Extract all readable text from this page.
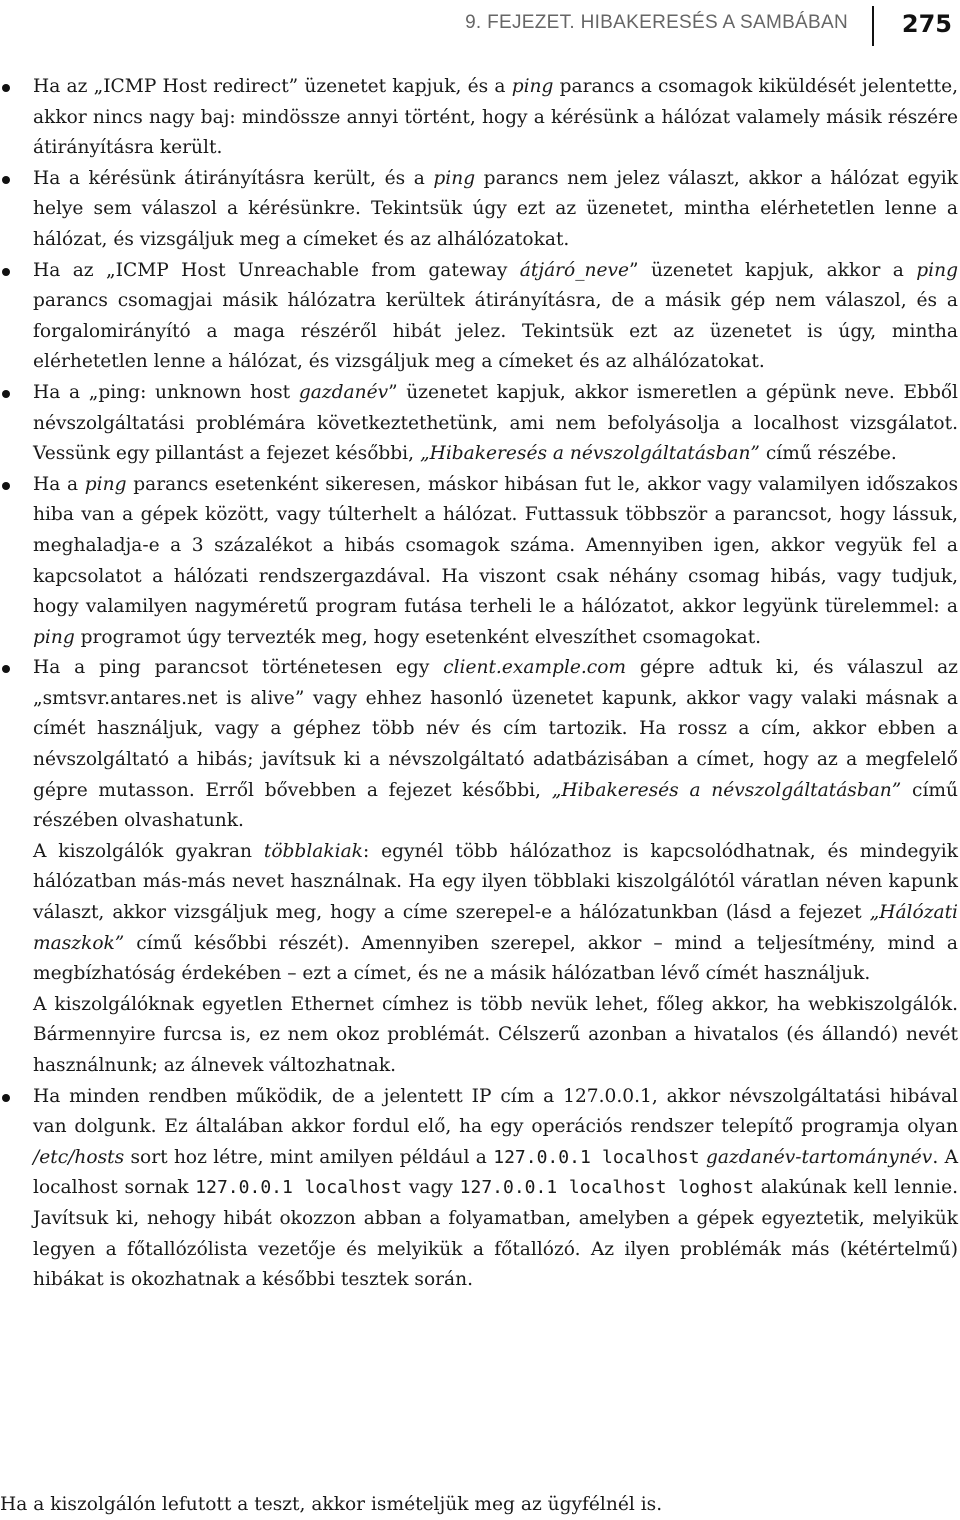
9. FEJEZET. HIBAKERESÉS A SAMBÁBAN 275

Ha az „ICMP Host redirect” üzenetet kapjuk, és a ping parancs a csomagok kiküldését jelentette, akkor nincs nagy baj: mindössze annyi történt, hogy a kérésünk a hálózat valamely másik részére átirányításra került.

Ha a kérésünk átirányításra került, és a ping parancs nem jelez választ, akkor a hálózat egyik helye sem válaszol a kérésünkre. Tekintsük úgy ezt az üzenetet, mintha elérhetetlen lenne a hálózat, és vizsgáljuk meg a címeket és az alhálózatokat.

Ha az „ICMP Host Unreachable from gateway átjáró_neve” üzenetet kapjuk, akkor a ping parancs csomagjai másik hálózatra kerültek átirányításra, de a másik gép nem válaszol, és a forgalomirányító a maga részéről hibát jelez. Tekintsük ezt az üzenetet is úgy, mintha elérhetetlen lenne a hálózat, és vizsgáljuk meg a címeket és az alhálózatokat.

Ha a „ping: unknown host gazdanév” üzenetet kapjuk, akkor ismeretlen a gépünk neve. Ebből névszolgáltatási problémára következtethetünk, ami nem befolyásolja a localhost vizsgálatot. Vessünk egy pillantást a fejezet későbbi, „Hibakeresés a névszolgáltatásban” című részébe.

Ha a ping parancs esetenként sikeresen, máskor hibásan fut le, akkor vagy valamilyen időszakos hiba van a gépek között, vagy túlterhelt a hálózat. Futtassuk többször a parancsot, hogy lássuk, meghaladja-e a 3 százalékot a hibás csomagok száma. Amennyiben igen, akkor vegyük fel a kapcsolatot a hálózati rendszergazdával. Ha viszont csak néhány csomag hibás, vagy tudjuk, hogy valamilyen nagyméretű program futása terheli le a hálózatot, akkor legyünk türelemmel: a ping programot úgy tervezték meg, hogy esetenként elveszíthet csomagokat.

Ha a ping parancsot történetesen egy client.example.com gépre adtuk ki, és válaszul az „smtsvr.antares.net is alive” vagy ehhez hasonló üzenetet kapunk, akkor vagy valaki másnak a címét használjuk, vagy a géphez több név és cím tartozik. Ha rossz a cím, akkor ebben a névszolgáltató a hibás; javítsuk ki a névszolgáltató adatbázisában a címet, hogy az a megfelelő gépre mutasson. Erről bővebben a fejezet későbbi, „Hibakeresés a névszolgáltatásban” című részében olvashatunk.

A kiszolgálók gyakran többlakiak: egynél több hálózathoz is kapcsolódhatnak, és mindegyik hálózatban más-más nevet használnak. Ha egy ilyen többlaki kiszolgálótól váratlan néven kapunk választ, akkor vizsgáljuk meg, hogy a címe szerepel-e a hálózatunkban (lásd a fejezet „Hálózati maszkok” című későbbi részét). Amennyiben szerepel, akkor – mind a teljesítmény, mind a megbízhatóság érdekében – ezt a címet, és ne a másik hálózatban lévő címét használjuk.

A kiszolgálóknak egyetlen Ethernet címhez is több nevük lehet, főleg akkor, ha webkiszolgálók. Bármennyire furcsa is, ez nem okoz problémát. Célszerű azonban a hivatalos (és állandó) nevét használnunk; az álnevek változhatnak.

Ha minden rendben működik, de a jelentett IP cím a 127.0.0.1, akkor névszolgáltatási hibával van dolgunk. Ez általában akkor fordul elő, ha egy operációs rendszer telepítő programja olyan /etc/hosts sort hoz létre, mint amilyen például a 127.0.0.1 localhost gazdanév-tartománynév. A localhost sornak 127.0.0.1 localhost vagy 127.0.0.1 localhost loghost alakúnak kell lennie. Javítsuk ki, nehogy hibát okozzon abban a folyamatban, amelyben a gépek egyeztetik, melyikük legyen a főtallózólista vezetője és melyikük a főtallózó. Az ilyen problémák más (kétértelmű) hibákat is okozhatnak a későbbi tesztek során.

Ha a kiszolgálón lefutott a teszt, akkor ismételjük meg az ügyfélnél is.
